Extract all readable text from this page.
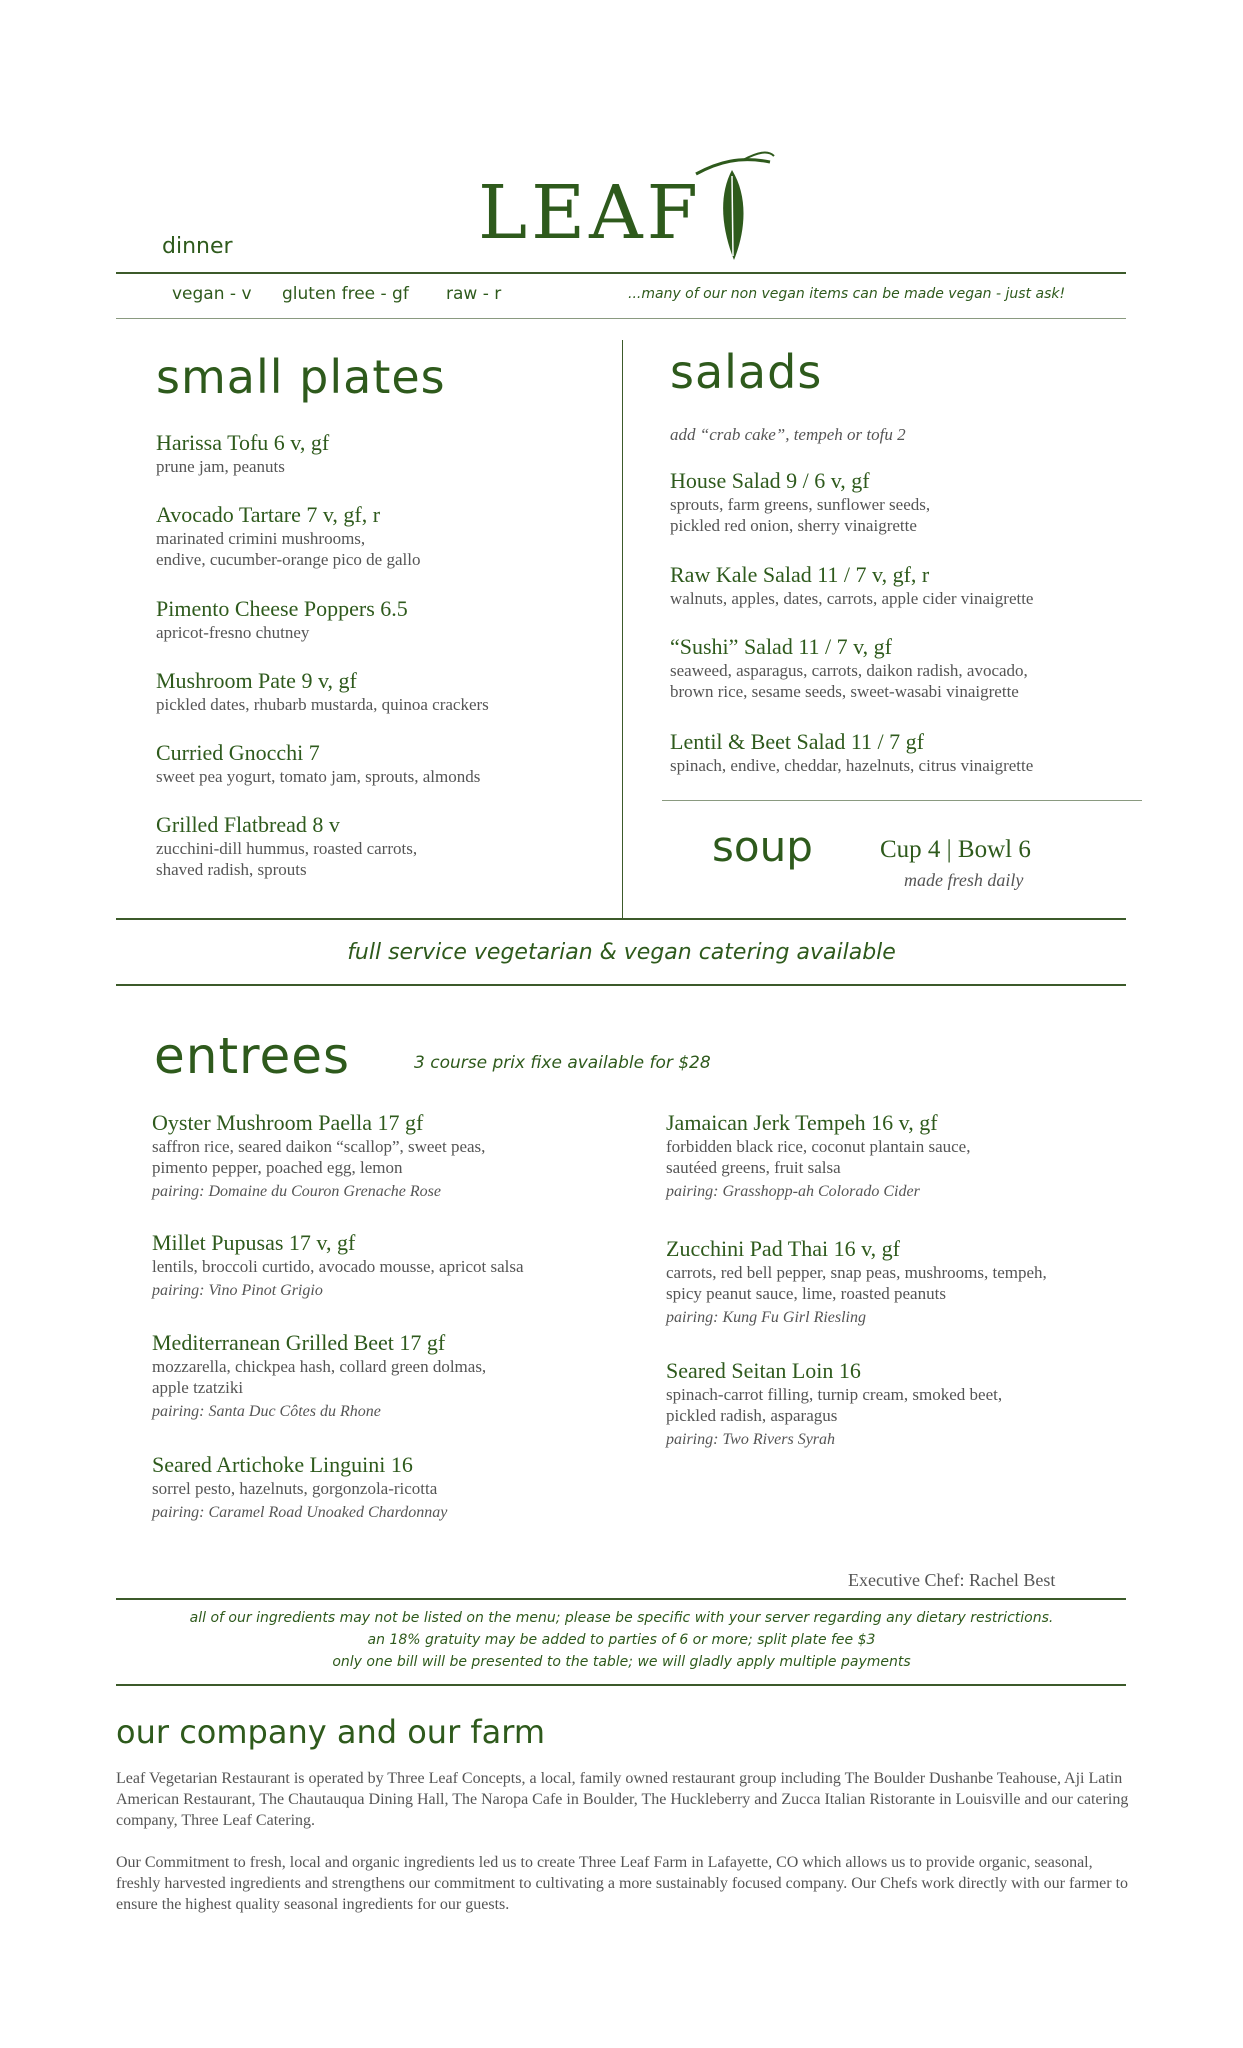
LEAF
dinner
vegan - v gluten free - gf raw - r	...many of our non vegan items can be made vegan - just ask!
small plates
Harissa Tofu 6 v, gf
prune jam, peanuts
Avocado Tartare 7 v, gf, r
marinated crimini mushrooms,
endive, cucumber-orange pico de gallo
Pimento Cheese Poppers 6.5
apricot-fresno chutney
Mushroom Pate 9 v, gf
pickled dates, rhubarb mustarda, quinoa crackers
Curried Gnocchi 7
sweet pea yogurt, tomato jam, sprouts, almonds
Grilled Flatbread 8 v
zucchini-dill hummus, roasted carrots,
shaved radish, sprouts
salads
add “crab cake”, tempeh or tofu 2
House Salad 9 / 6 v, gf
sprouts, farm greens, sunflower seeds,
pickled red onion, sherry vinaigrette
Raw Kale Salad 11 / 7 v, gf, r
walnuts, apples, dates, carrots, apple cider vinaigrette
“Sushi” Salad 11 / 7 v, gf
seaweed, asparagus, carrots, daikon radish, avocado,
brown rice, sesame seeds, sweet-wasabi vinaigrette
Lentil & Beet Salad 11 / 7 gf
spinach, endive, cheddar, hazelnuts, citrus vinaigrette
soup	Cup 4 | Bowl 6
made fresh daily
full service vegetarian & vegan catering available
entrees	3 course prix fixe available for $28
Oyster Mushroom Paella 17 gf
saffron rice, seared daikon “scallop”, sweet peas,
pimento pepper, poached egg, lemon
pairing: Domaine du Couron Grenache Rose
Millet Pupusas 17 v, gf
lentils, broccoli curtido, avocado mousse, apricot salsa
pairing: Vino Pinot Grigio
Mediterranean Grilled Beet 17 gf
mozzarella, chickpea hash, collard green dolmas,
apple tzatziki
pairing: Santa Duc Côtes du Rhone
Seared Artichoke Linguini 16
sorrel pesto, hazelnuts, gorgonzola-ricotta
pairing: Caramel Road Unoaked Chardonnay
Jamaican Jerk Tempeh 16 v, gf
forbidden black rice, coconut plantain sauce,
sautéed greens, fruit salsa
pairing: Grasshopp-ah Colorado Cider
Zucchini Pad Thai 16 v, gf
carrots, red bell pepper, snap peas, mushrooms, tempeh,
spicy peanut sauce, lime, roasted peanuts
pairing: Kung Fu Girl Riesling
Seared Seitan Loin 16
spinach-carrot filling, turnip cream, smoked beet,
pickled radish, asparagus
pairing: Two Rivers Syrah
Executive Chef: Rachel Best
all of our ingredients may not be listed on the menu; please be specific with your server regarding any dietary restrictions.
an 18% gratuity may be added to parties of 6 or more; split plate fee $3
only one bill will be presented to the table; we will gladly apply multiple payments
our company and our farm
Leaf Vegetarian Restaurant is operated by Three Leaf Concepts, a local, family owned restaurant group including The Boulder Dushanbe Teahouse, Aji Latin American Restaurant, The Chautauqua Dining Hall, The Naropa Cafe in Boulder, The Huckleberry and Zucca Italian Ristorante in Louisville and our catering company, Three Leaf Catering.
Our Commitment to fresh, local and organic ingredients led us to create Three Leaf Farm in Lafayette, CO which allows us to provide organic, seasonal, freshly harvested ingredients and strengthens our commitment to cultivating a more sustainably focused company. Our Chefs work directly with our farmer to ensure the highest quality seasonal ingredients for our guests.
